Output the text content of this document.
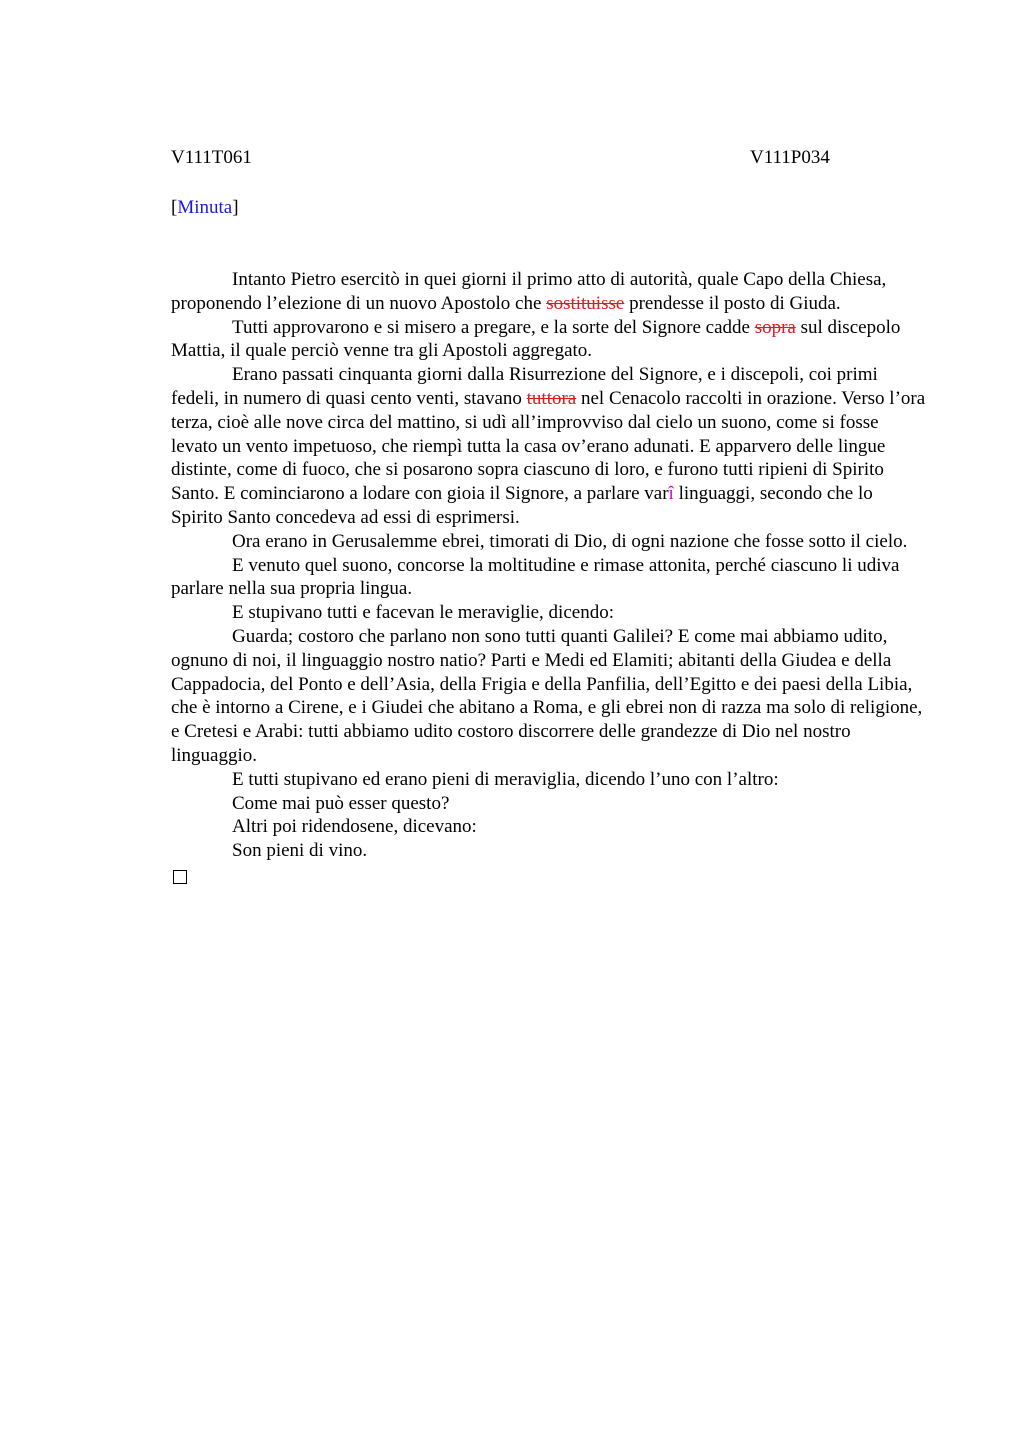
V111T061	V111P034
[Minuta]

Intanto Pietro esercitò in quei giorni il primo atto di autorità, quale Capo della Chiesa, proponendo l’elezione di un nuovo Apostolo che sostituisse prendesse il posto di Giuda.

Tutti approvarono e si misero a pregare, e la sorte del Signore cadde sopra sul discepolo Mattia, il quale perciò venne tra gli Apostoli aggregato.

Erano passati cinquanta giorni dalla Risurrezione del Signore, e i discepoli, coi primi fedeli, in numero di quasi cento venti, stavano tuttora nel Cenacolo raccolti in orazione. Verso l’ora terza, cioè alle nove circa del mattino, si udì all’improvviso dal cielo un suono, come si fosse levato un vento impetuoso, che riempì tutta la casa ov’erano adunati. E apparvero delle lingue distinte, come di fuoco, che si posarono sopra ciascuno di loro, e furono tutti ripieni di Spirito Santo. E cominciarono a lodare con gioia il Signore, a parlare varî linguaggi, secondo che lo Spirito Santo concedeva ad essi di esprimersi.

Ora erano in Gerusalemme ebrei, timorati di Dio, di ogni nazione che fosse sotto il cielo.

E venuto quel suono, concorse la moltitudine e rimase attonita, perché ciascuno li udiva parlare nella sua propria lingua.

E stupivano tutti e facevan le meraviglie, dicendo:

Guarda; costoro che parlano non sono tutti quanti Galilei? E come mai abbiamo udito, ognuno di noi, il linguaggio nostro natio? Parti e Medi ed Elamiti; abitanti della Giudea e della Cappadocia, del Ponto e dell’Asia, della Frigia e della Panfilia, dell’Egitto e dei paesi della Libia, che è intorno a Cirene, e i Giudei che abitano a Roma, e gli ebrei non di razza ma solo di religione, e Cretesi e Arabi: tutti abbiamo udito costoro discorrere delle grandezze di Dio nel nostro linguaggio.

E tutti stupivano ed erano pieni di meraviglia, dicendo l’uno con l’altro:

Come mai può esser questo?

Altri poi ridendosene, dicevano:

Son pieni di vino.
